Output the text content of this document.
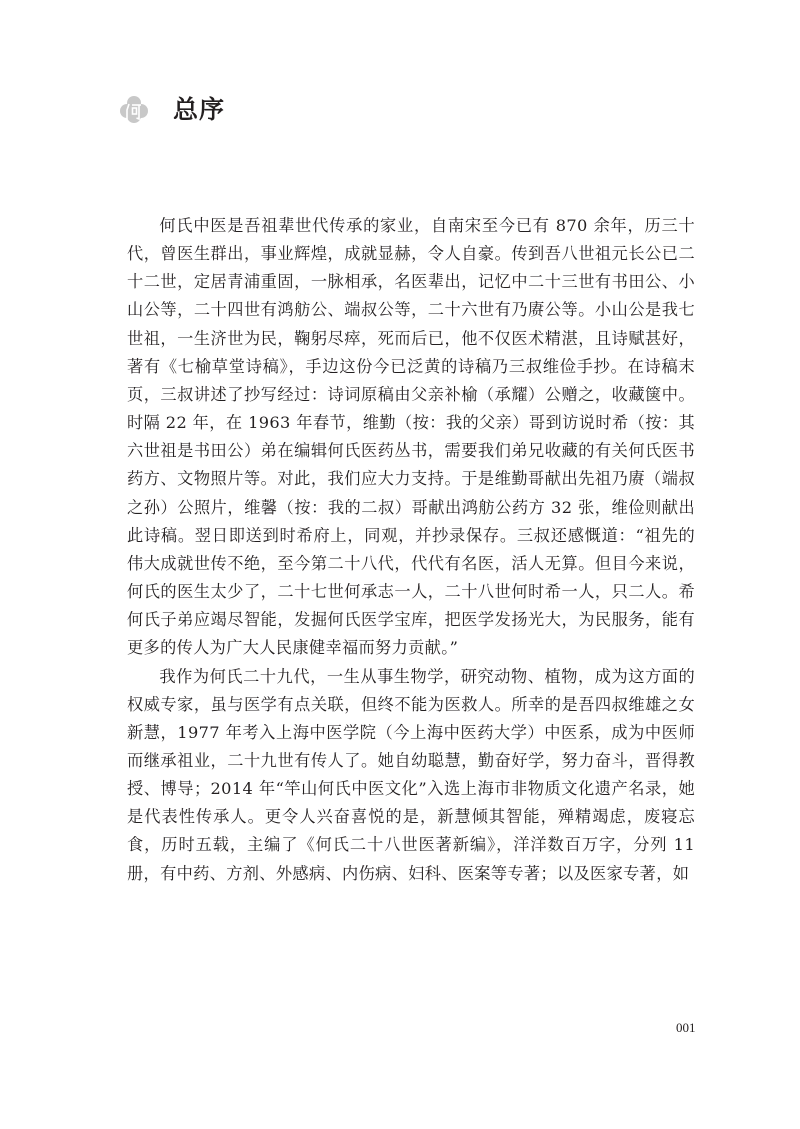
总序

何氏中医是吾祖辈世代传承的家业，自南宋至今已有 870 余年，历三十代，曾医生群出，事业辉煌，成就显赫，令人自豪。传到吾八世祖元长公已二十二世，定居青浦重固，一脉相承，名医辈出，记忆中二十三世有书田公、小山公等，二十四世有鸿舫公、端叔公等，二十六世有乃赓公等。小山公是我七世祖，一生济世为民，鞠躬尽瘁，死而后已，他不仅医术精湛，且诗赋甚好，著有《七榆草堂诗稿》，手边这份今已泛黄的诗稿乃三叔维俭手抄。在诗稿末页，三叔讲述了抄写经过：诗词原稿由父亲补榆（承耀）公赠之，收藏箧中。时隔 22 年，在 1963 年春节，维勤（按：我的父亲）哥到访说时希（按：其六世祖是书田公）弟在编辑何氏医药丛书，需要我们弟兄收藏的有关何氏医书药方、文物照片等。对此，我们应大力支持。于是维勤哥献出先祖乃赓（端叔之孙）公照片，维馨（按：我的二叔）哥献出鸿舫公药方 32 张，维俭则献出此诗稿。翌日即送到时希府上，同观，并抄录保存。三叔还感慨道：“祖先的伟大成就世传不绝，至今第二十八代，代代有名医，活人无算。但目今来说，何氏的医生太少了，二十七世何承志一人，二十八世何时希一人，只二人。希何氏子弟应竭尽智能，发掘何氏医学宝库，把医学发扬光大，为民服务，能有更多的传人为广大人民康健幸福而努力贡献。”

我作为何氏二十九代，一生从事生物学，研究动物、植物，成为这方面的权威专家，虽与医学有点关联，但终不能为医救人。所幸的是吾四叔维雄之女新慧，1977 年考入上海中医学院（今上海中医药大学）中医系，成为中医师而继承祖业，二十九世有传人了。她自幼聪慧，勤奋好学，努力奋斗，晋得教授、博导；2014 年“竿山何氏中医文化”入选上海市非物质文化遗产名录，她是代表性传承人。更令人兴奋喜悦的是，新慧倾其智能，殚精竭虑，废寝忘食，历时五载，主编了《何氏二十八世医著新编》，洋洋数百万字，分列 11 册，有中药、方剂、外感病、内伤病、妇科、医案等专著；以及医家专著，如

001
